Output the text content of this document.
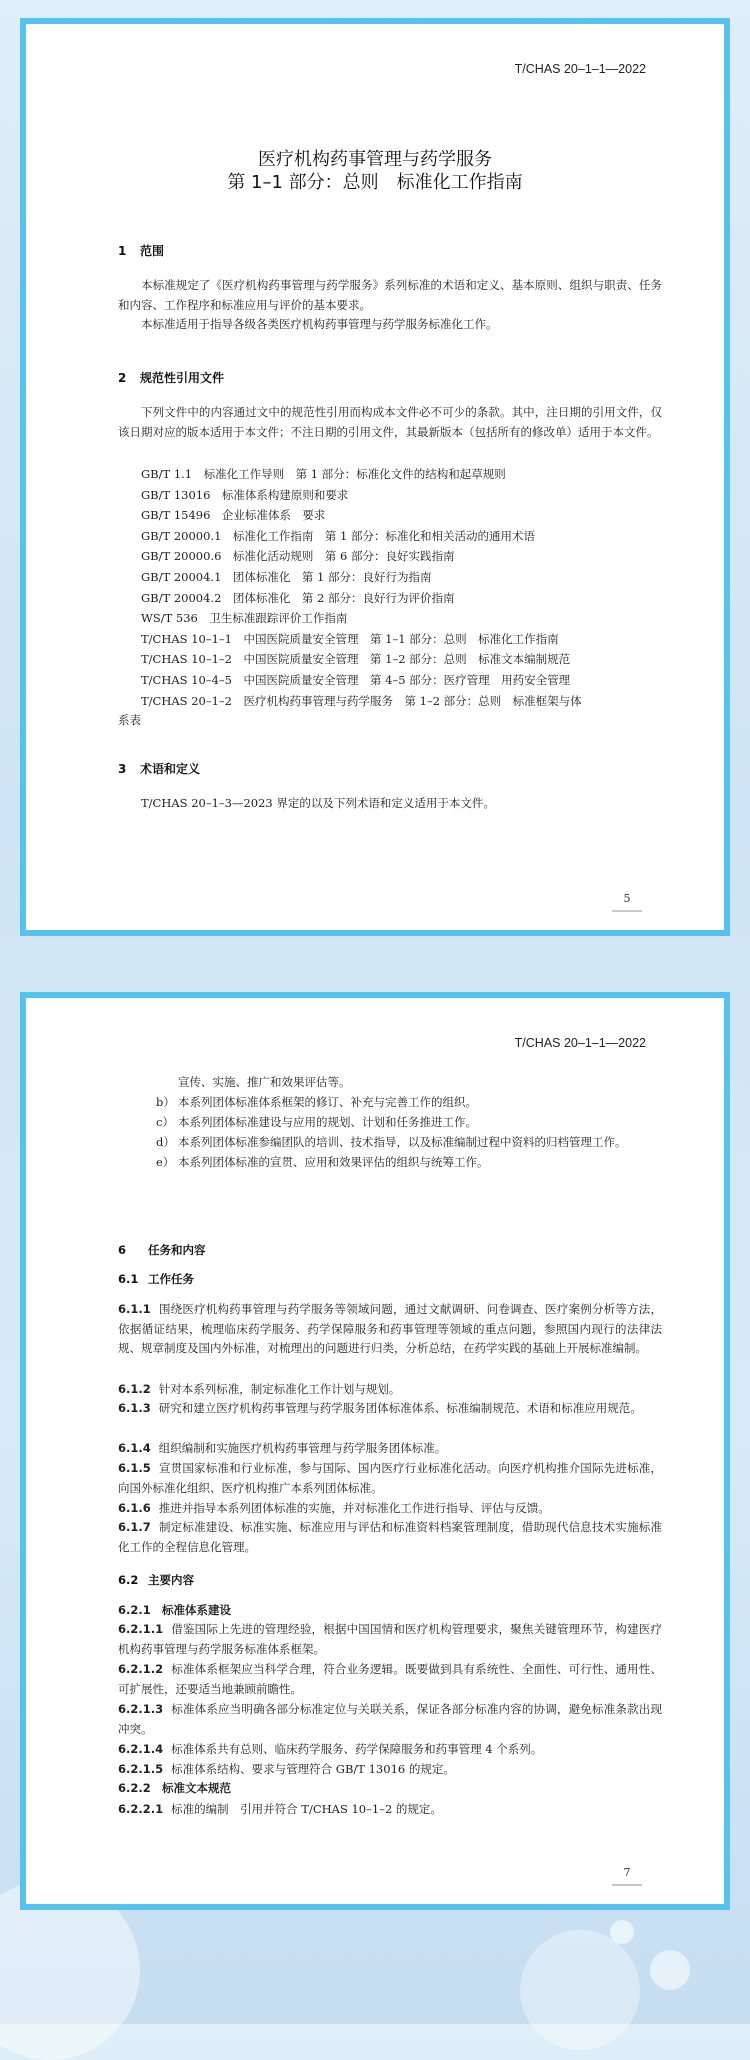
T/CHAS 20–1–1—2022
医疗机构药事管理与药学服务
第 1–1 部分：总则　标准化工作指南
1 范围
本标准规定了《医疗机构药事管理与药学服务》系列标准的术语和定义、基本原则、组织与职责、任务和内容、工作程序和标准应用与评价的基本要求。
本标准适用于指导各级各类医疗机构药事管理与药学服务标准化工作。
2 规范性引用文件
下列文件中的内容通过文中的规范性引用而构成本文件必不可少的条款。其中，注日期的引用文件，仅该日期对应的版本适用于本文件；不注日期的引用文件，其最新版本（包括所有的修改单）适用于本文件。
GB/T 1.1　标准化工作导则　第 1 部分：标准化文件的结构和起草规则
GB/T 13016　标准体系构建原则和要求
GB/T 15496　企业标准体系　要求
GB/T 20000.1　标准化工作指南　第 1 部分：标准化和相关活动的通用术语
GB/T 20000.6　标准化活动规则　第 6 部分：良好实践指南
GB/T 20004.1　团体标准化　第 1 部分：良好行为指南
GB/T 20004.2　团体标准化　第 2 部分：良好行为评价指南
WS/T 536　卫生标准跟踪评价工作指南
T/CHAS 10–1–1　中国医院质量安全管理　第 1–1 部分：总则　标准化工作指南
T/CHAS 10–1–2　中国医院质量安全管理　第 1–2 部分：总则　标准文本编制规范
T/CHAS 10–4–5　中国医院质量安全管理　第 4–5 部分：医疗管理　用药安全管理
T/CHAS 20–1–2　医疗机构药事管理与药学服务　第 1–2 部分：总则　标准框架与体
系表
3 术语和定义
T/CHAS 20–1–3—2023 界定的以及下列术语和定义适用于本文件。
5
T/CHAS 20–1–1—2022
宣传、实施、推广和效果评估等。
b） 本系列团体标准体系框架的修订、补充与完善工作的组织。
c） 本系列团体标准建设与应用的规划、计划和任务推进工作。
d） 本系列团体标准参编团队的培训、技术指导，以及标准编制过程中资料的归档管理工作。
e） 本系列团体标准的宣贯、应用和效果评估的组织与统筹工作。
6 任务和内容
6.1 工作任务
6.1.1 围绕医疗机构药事管理与药学服务等领域问题，通过文献调研、问卷调查、医疗案例分析等方法，依据循证结果，梳理临床药学服务、药学保障服务和药事管理等领域的重点问题，参照国内现行的法律法规、规章制度及国内外标准，对梳理出的问题进行归类，分析总结，在药学实践的基础上开展标准编制。
6.1.2 针对本系列标准，制定标准化工作计划与规划。
6.1.3 研究和建立医疗机构药事管理与药学服务团体标准体系、标准编制规范、术语和标准应用规范。
6.1.4 组织编制和实施医疗机构药事管理与药学服务团体标准。
6.1.5 宣贯国家标准和行业标准，参与国际、国内医疗行业标准化活动。向医疗机构推介国际先进标准，向国外标准化组织、医疗机构推广本系列团体标准。
6.1.6 推进并指导本系列团体标准的实施，并对标准化工作进行指导、评估与反馈。
6.1.7 制定标准建设、标准实施、标准应用与评估和标准资料档案管理制度，借助现代信息技术实施标准化工作的全程信息化管理。
6.2 主要内容
6.2.1 标准体系建设
6.2.1.1 借鉴国际上先进的管理经验，根据中国国情和医疗机构管理要求，聚焦关键管理环节，构建医疗机构药事管理与药学服务标准体系框架。
6.2.1.2 标准体系框架应当科学合理，符合业务逻辑。既要做到具有系统性、全面性、可行性、通用性、可扩展性，还要适当地兼顾前瞻性。
6.2.1.3 标准体系应当明确各部分标准定位与关联关系，保证各部分标准内容的协调，避免标准条款出现冲突。
6.2.1.4 标准体系共有总则、临床药学服务、药学保障服务和药事管理 4 个系列。
6.2.1.5 标准体系结构、要求与管理符合 GB/T 13016 的规定。
6.2.2 标准文本规范
6.2.2.1 标准的编制　引用并符合 T/CHAS 10–1–2 的规定。
7
